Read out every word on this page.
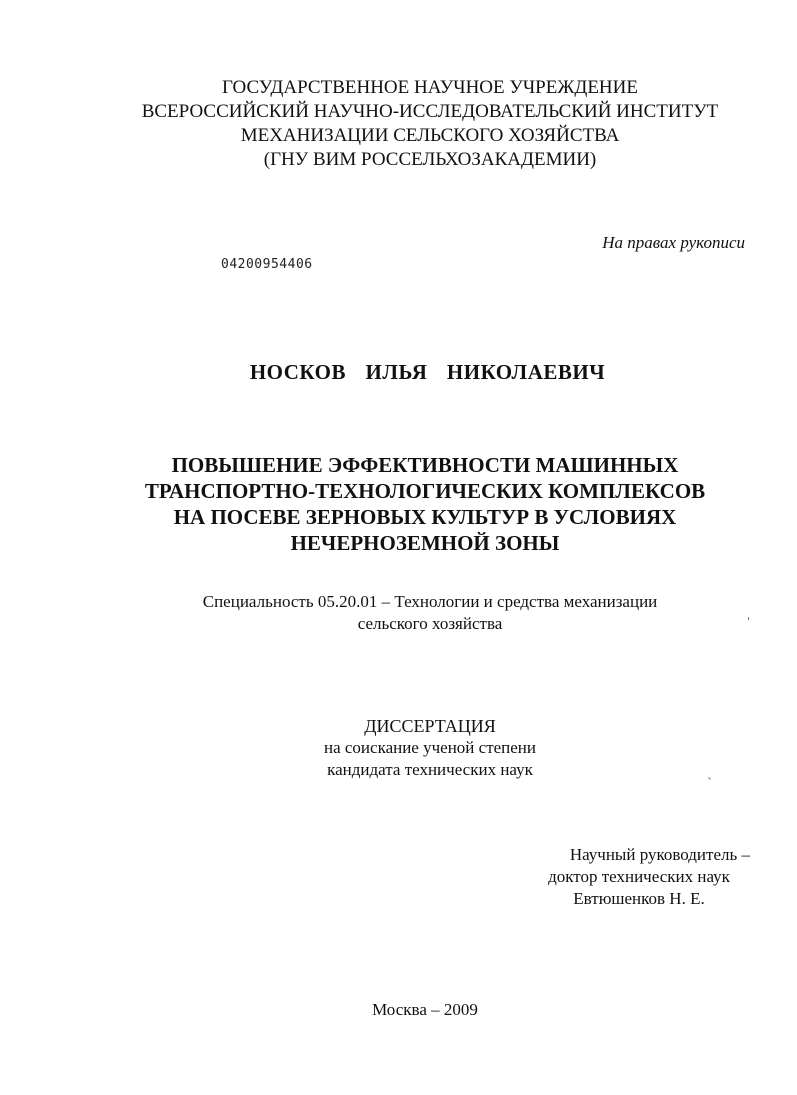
ГОСУДАРСТВЕННОЕ НАУЧНОЕ УЧРЕЖДЕНИЕ
ВСЕРОССИЙСКИЙ НАУЧНО-ИССЛЕДОВАТЕЛЬСКИЙ ИНСТИТУТ
МЕХАНИЗАЦИИ СЕЛЬСКОГО ХОЗЯЙСТВА
(ГНУ ВИМ РОССЕЛЬХОЗАКАДЕМИИ)
На правах рукописи
04200954406
НОСКОВ  ИЛЬЯ  НИКОЛАЕВИЧ
ПОВЫШЕНИЕ ЭФФЕКТИВНОСТИ МАШИННЫХ
ТРАНСПОРТНО-ТЕХНОЛОГИЧЕСКИХ КОМПЛЕКСОВ
НА ПОСЕВЕ ЗЕРНОВЫХ КУЛЬТУР В УСЛОВИЯХ
НЕЧЕРНОЗЕМНОЙ ЗОНЫ
Специальность 05.20.01 – Технологии и средства механизации
сельского хозяйства
ДИССЕРТАЦИЯ
на соискание ученой степени
кандидата технических наук
Научный руководитель –
доктор технических наук
Евтюшенков Н. Е.
Москва – 2009
